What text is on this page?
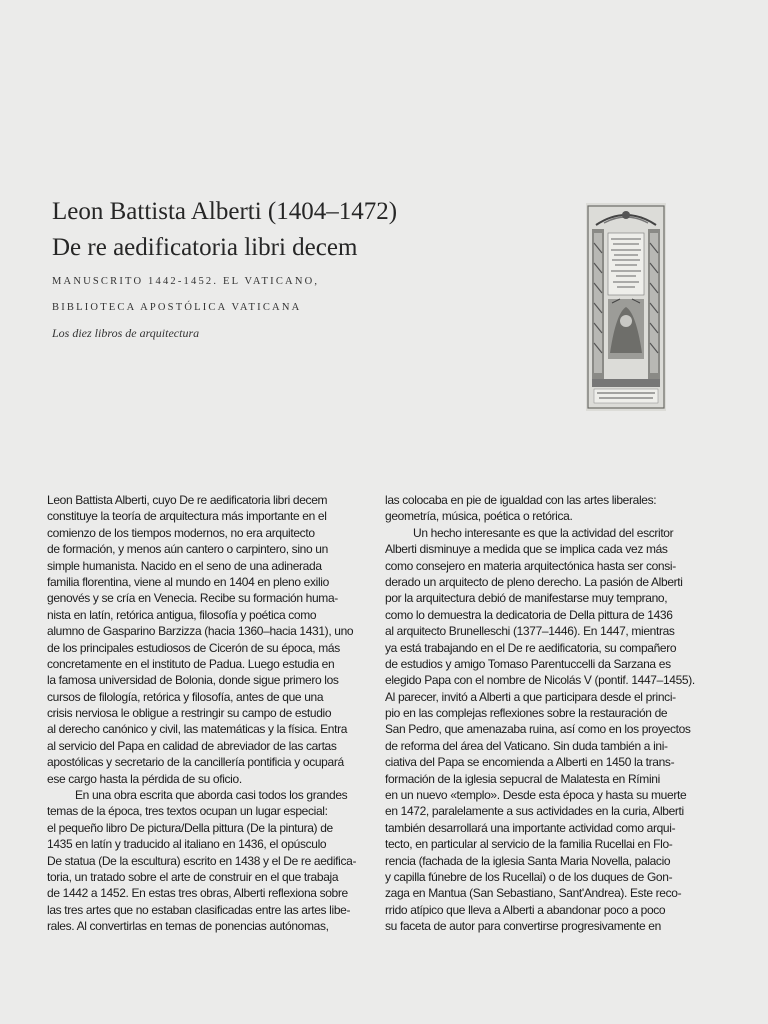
Leon Battista Alberti (1404–1472)
De re aedificatoria libri decem
MANUSCRITO 1442-1452. EL VATICANO,
BIBLIOTECA APOSTÓLICA VATICANA
Los diez libros de arquitectura
Leon Battista Alberti, cuyo De re aedificatoria libri decem
constituye la teoría de arquitectura más importante en el
comienzo de los tiempos modernos, no era arquitecto
de formación, y menos aún cantero o carpintero, sino un
simple humanista. Nacido en el seno de una adinerada
familia florentina, viene al mundo en 1404 en pleno exilio
genovés y se cría en Venecia. Recibe su formación huma-
nista en latín, retórica antigua, filosofía y poética como
alumno de Gasparino Barzizza (hacia 1360–hacia 1431), uno
de los principales estudiosos de Cicerón de su época, más
concretamente en el instituto de Padua. Luego estudia en
la famosa universidad de Bolonia, donde sigue primero los
cursos de filología, retórica y filosofía, antes de que una
crisis nerviosa le obligue a restringir su campo de estudio
al derecho canónico y civil, las matemáticas y la física. Entra
al servicio del Papa en calidad de abreviador de las cartas
apostólicas y secretario de la cancillería pontificia y ocupará
ese cargo hasta la pérdida de su oficio.
En una obra escrita que aborda casi todos los grandes
temas de la época, tres textos ocupan un lugar especial:
el pequeño libro De pictura/Della pittura (De la pintura) de
1435 en latín y traducido al italiano en 1436, el opúsculo
De statua (De la escultura) escrito en 1438 y el De re aedifica-
toria, un tratado sobre el arte de construir en el que trabaja
de 1442 a 1452. En estas tres obras, Alberti reflexiona sobre
las tres artes que no estaban clasificadas entre las artes libe-
rales. Al convertirlas en temas de ponencias autónomas,
las colocaba en pie de igualdad con las artes liberales:
geometría, música, poética o retórica.
Un hecho interesante es que la actividad del escritor
Alberti disminuye a medida que se implica cada vez más
como consejero en materia arquitectónica hasta ser consi-
derado un arquitecto de pleno derecho. La pasión de Alberti
por la arquitectura debió de manifestarse muy temprano,
como lo demuestra la dedicatoria de Della pittura de 1436
al arquitecto Brunelleschi (1377–1446). En 1447, mientras
ya está trabajando en el De re aedificatoria, su compañero
de estudios y amigo Tomaso Parentuccelli da Sarzana es
elegido Papa con el nombre de Nicolás V (pontif. 1447–1455).
Al parecer, invitó a Alberti a que participara desde el princi-
pio en las complejas reflexiones sobre la restauración de
San Pedro, que amenazaba ruina, así como en los proyectos
de reforma del área del Vaticano. Sin duda también a ini-
ciativa del Papa se encomienda a Alberti en 1450 la trans-
formación de la iglesia sepucral de Malatesta en Rímini
en un nuevo «templo». Desde esta época y hasta su muerte
en 1472, paralelamente a sus actividades en la curia, Alberti
también desarrollará una importante actividad como arqui-
tecto, en particular al servicio de la familia Rucellai en Flo-
rencia (fachada de la iglesia Santa Maria Novella, palacio
y capilla fúnebre de los Rucellai) o de los duques de Gon-
zaga en Mantua (San Sebastiano, Sant'Andrea). Este reco-
rrido atípico que lleva a Alberti a abandonar poco a poco
su faceta de autor para convertirse progresivamente en
